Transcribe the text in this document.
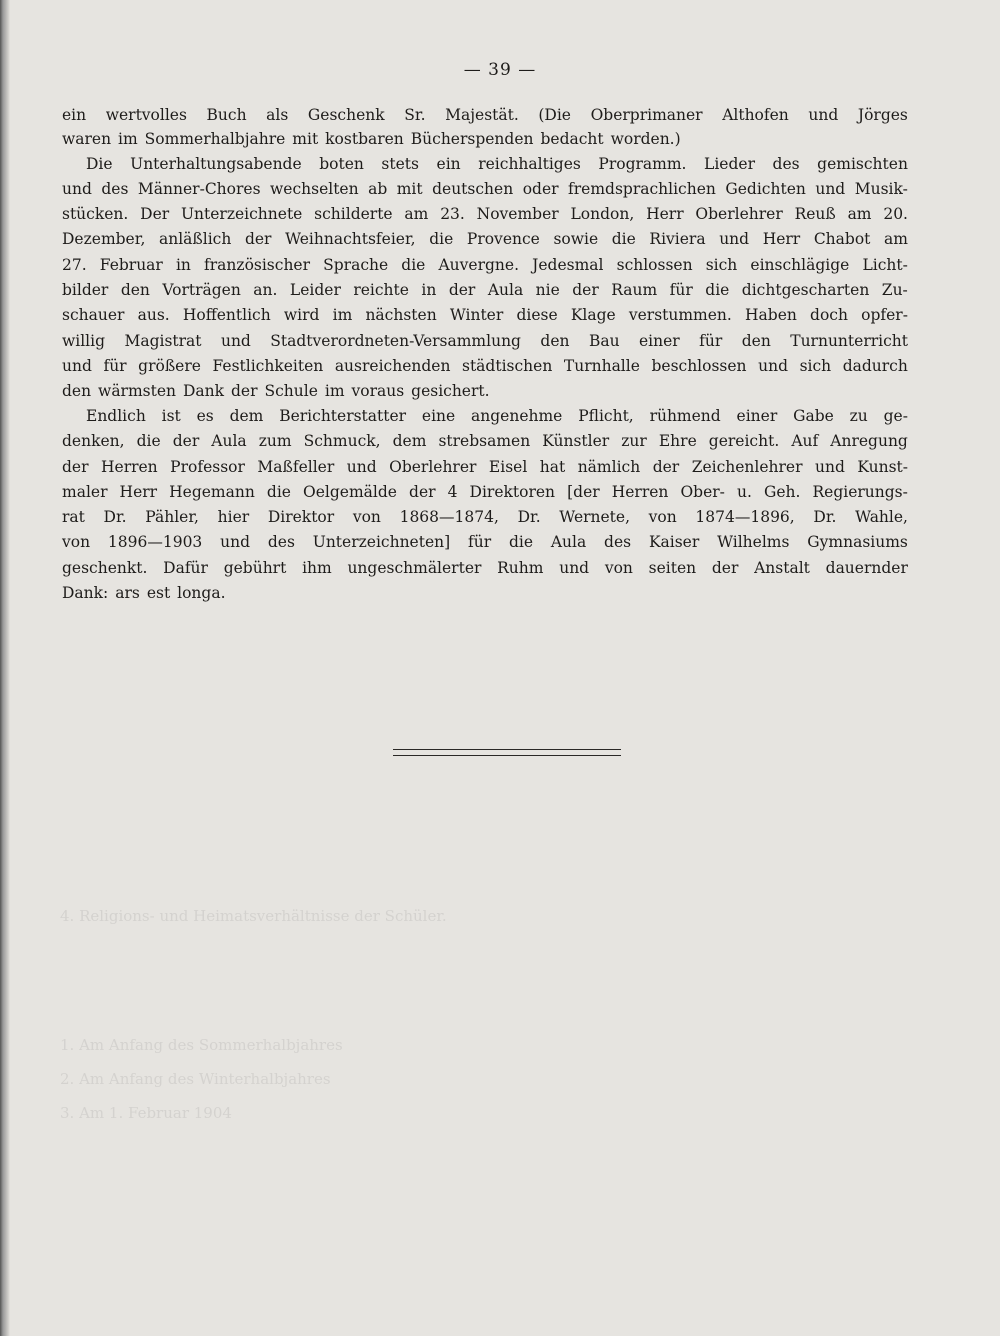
4. Religions- und Heimatsverhältnisse der Schüler.
1. Am Anfang des Sommerhalbjahres
2. Am Anfang des Winterhalbjahres
3. Am 1. Februar 1904
— 39 —
ein wertvolles Buch als Geschenk Sr. Majestät. (Die Oberprimaner Althofen und Jörges
waren im Sommerhalbjahre mit kostbaren Bücherspenden bedacht worden.)
Die Unterhaltungsabende boten stets ein reichhaltiges Programm. Lieder des gemischten
und des Männer-Chores wechselten ab mit deutschen oder fremdsprachlichen Gedichten und Musik-
stücken. Der Unterzeichnete schilderte am 23. November London, Herr Oberlehrer Reuß am 20.
Dezember, anläßlich der Weihnachtsfeier, die Provence sowie die Riviera und Herr Chabot am
27. Februar in französischer Sprache die Auvergne. Jedesmal schlossen sich einschlägige Licht-
bilder den Vorträgen an. Leider reichte in der Aula nie der Raum für die dichtgescharten Zu-
schauer aus. Hoffentlich wird im nächsten Winter diese Klage verstummen. Haben doch opfer-
willig Magistrat und Stadtverordneten-Versammlung den Bau einer für den Turnunterricht
und für größere Festlichkeiten ausreichenden städtischen Turnhalle beschlossen und sich dadurch
den wärmsten Dank der Schule im voraus gesichert.
Endlich ist es dem Berichterstatter eine angenehme Pflicht, rühmend einer Gabe zu ge-
denken, die der Aula zum Schmuck, dem strebsamen Künstler zur Ehre gereicht. Auf Anregung
der Herren Professor Maßfeller und Oberlehrer Eisel hat nämlich der Zeichenlehrer und Kunst-
maler Herr Hegemann die Oelgemälde der 4 Direktoren [der Herren Ober- u. Geh. Regierungs-
rat Dr. Pähler, hier Direktor von 1868—1874, Dr. Wernete, von 1874—1896, Dr. Wahle,
von 1896—1903 und des Unterzeichneten] für die Aula des Kaiser Wilhelms Gymnasiums
geschenkt. Dafür gebührt ihm ungeschmälerter Ruhm und von seiten der Anstalt dauernder
Dank: ars est longa.
